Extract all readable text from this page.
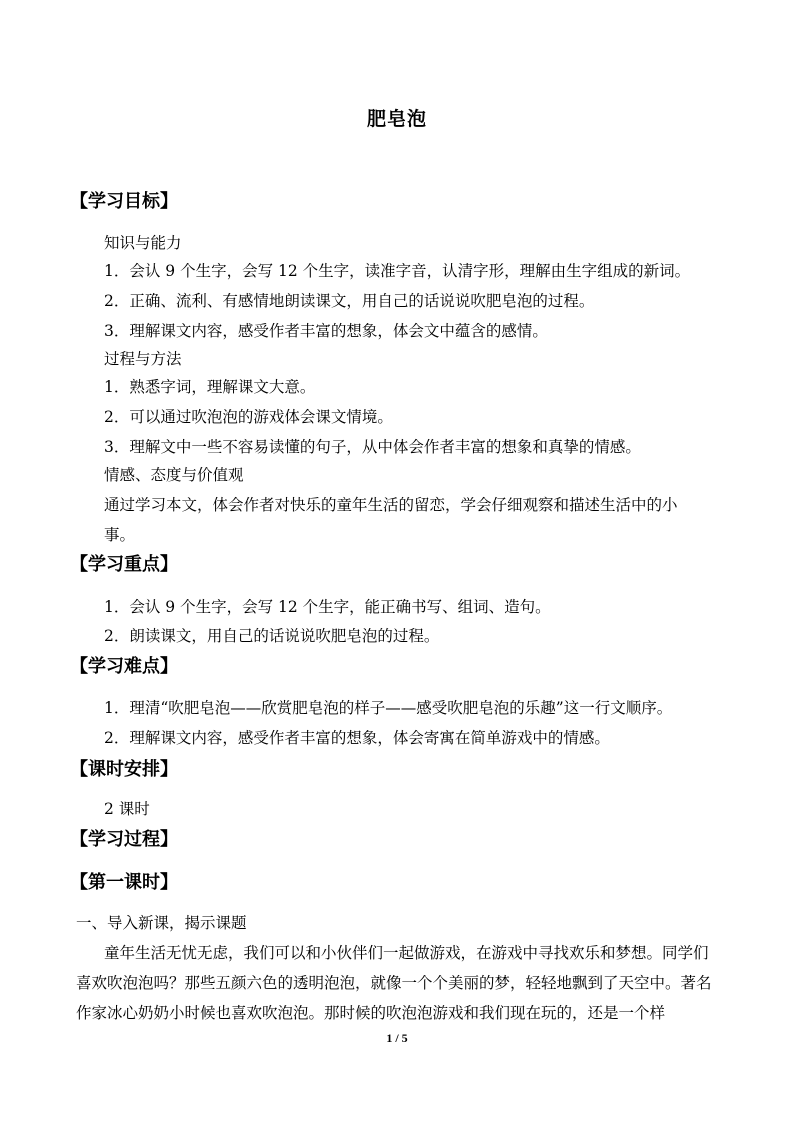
肥皂泡
【学习目标】
知识与能力
1．会认 9 个生字，会写 12 个生字，读准字音，认清字形，理解由生字组成的新词。
2．正确、流利、有感情地朗读课文，用自己的话说说吹肥皂泡的过程。
3．理解课文内容，感受作者丰富的想象，体会文中蕴含的感情。
过程与方法
1．熟悉字词，理解课文大意。
2．可以通过吹泡泡的游戏体会课文情境。
3．理解文中一些不容易读懂的句子，从中体会作者丰富的想象和真挚的情感。
情感、态度与价值观
通过学习本文，体会作者对快乐的童年生活的留恋，学会仔细观察和描述生活中的小事。
【学习重点】
1．会认 9 个生字，会写 12 个生字，能正确书写、组词、造句。
2．朗读课文，用自己的话说说吹肥皂泡的过程。
【学习难点】
1．理清“吹肥皂泡——欣赏肥皂泡的样子——感受吹肥皂泡的乐趣”这一行文顺序。
2．理解课文内容，感受作者丰富的想象，体会寄寓在简单游戏中的情感。
【课时安排】
2 课时
【学习过程】
【第一课时】
一、导入新课，揭示课题
童年生活无忧无虑，我们可以和小伙伴们一起做游戏，在游戏中寻找欢乐和梦想。同学们喜欢吹泡泡吗？那些五颜六色的透明泡泡，就像一个个美丽的梦，轻轻地飘到了天空中。著名作家冰心奶奶小时候也喜欢吹泡泡。那时候的吹泡泡游戏和我们现在玩的，还是一个样
1 / 5
